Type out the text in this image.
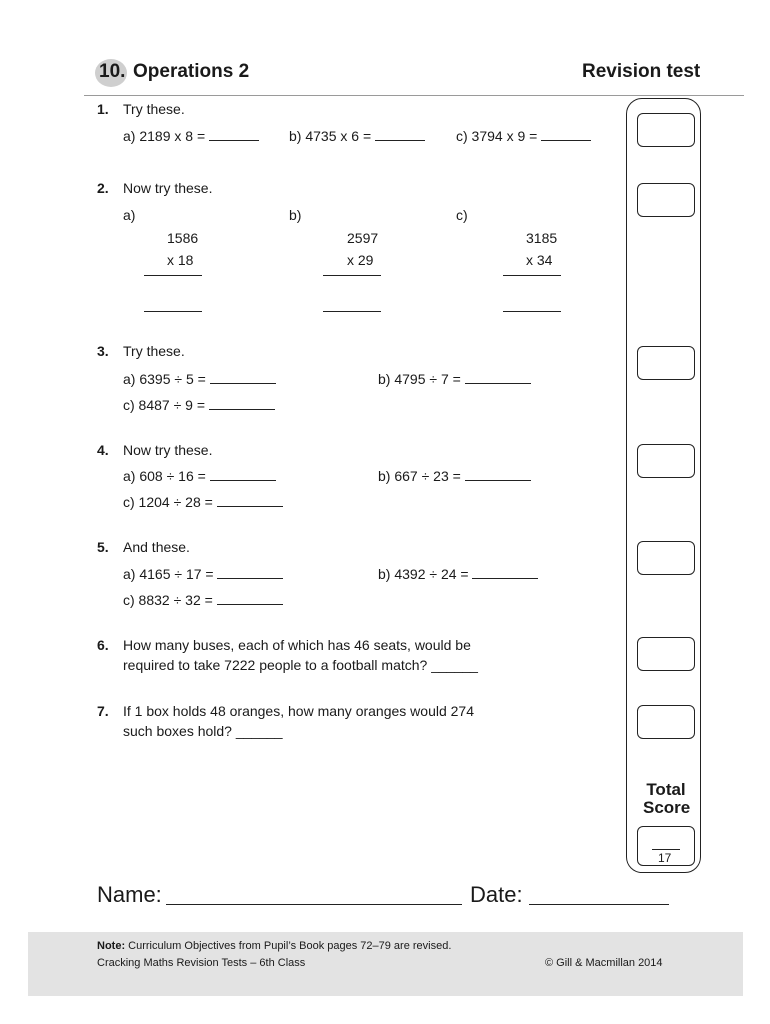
10. Operations 2	Revision test
Total
Score
17
1. Try these.
a) 2189 x 8 =	b) 4735 x 6 =	c) 3794 x 9 =
2. Now try these.
a)	b)	c)
1586
x 18
2597
x 29
3185
x 34
3. Try these.
a) 6395 ÷ 5 =	b) 4795 ÷ 7 =
c) 8487 ÷ 9 =
4. Now try these.
a) 608 ÷ 16 =	b) 667 ÷ 23 =
c) 1204 ÷ 28 =
5. And these.
a) 4165 ÷ 17 =	b) 4392 ÷ 24 =
c) 8832 ÷ 32 =
6. How many buses, each of which has 46 seats, would be
required to take 7222 people to a football match? ______
7. If 1 box holds 48 oranges, how many oranges would 274
such boxes hold? ______
Name:	Date:
Note: Curriculum Objectives from Pupil’s Book pages 72–79 are revised.
Cracking Maths Revision Tests – 6th Class	© Gill & Macmillan 2014
